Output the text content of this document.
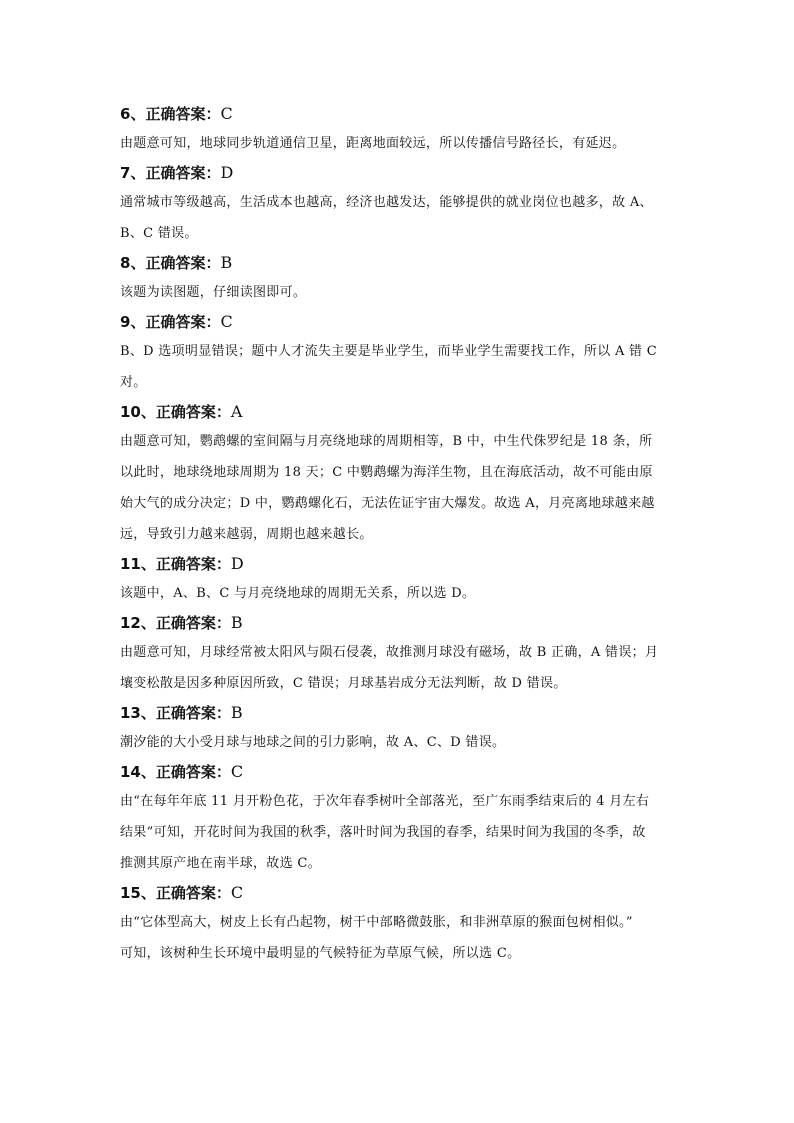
6、正确答案：C
由题意可知，地球同步轨道通信卫星，距离地面较远，所以传播信号路径长，有延迟。
7、正确答案：D
通常城市等级越高，生活成本也越高，经济也越发达，能够提供的就业岗位也越多，故 A、
B、C 错误。
8、正确答案：B
该题为读图题，仔细读图即可。
9、正确答案：C
B、D 选项明显错误；题中人才流失主要是毕业学生，而毕业学生需要找工作，所以 A 错 C
对。
10、正确答案：A
由题意可知，鹦鹉螺的室间隔与月亮绕地球的周期相等，B 中，中生代侏罗纪是 18 条，所
以此时，地球绕地球周期为 18 天；C 中鹦鹉螺为海洋生物，且在海底活动，故不可能由原
始大气的成分决定；D 中，鹦鹉螺化石，无法佐证宇宙大爆发。故选 A，月亮离地球越来越
远，导致引力越来越弱，周期也越来越长。
11、正确答案：D
该题中，A、B、C 与月亮绕地球的周期无关系，所以选 D。
12、正确答案：B
由题意可知，月球经常被太阳风与陨石侵袭，故推测月球没有磁场，故 B 正确，A 错误；月
壤变松散是因多种原因所致，C 错误；月球基岩成分无法判断，故 D 错误。
13、正确答案：B
潮汐能的大小受月球与地球之间的引力影响，故 A、C、D 错误。
14、正确答案：C
由“在每年年底 11 月开粉色花，于次年春季树叶全部落光，至广东雨季结束后的 4 月左右
结果”可知，开花时间为我国的秋季，落叶时间为我国的春季，结果时间为我国的冬季，故
推测其原产地在南半球，故选 C。
15、正确答案：C
由“它体型高大，树皮上长有凸起物，树干中部略微鼓胀，和非洲草原的猴面包树相似。”
可知，该树种生长环境中最明显的气候特征为草原气候，所以选 C。
